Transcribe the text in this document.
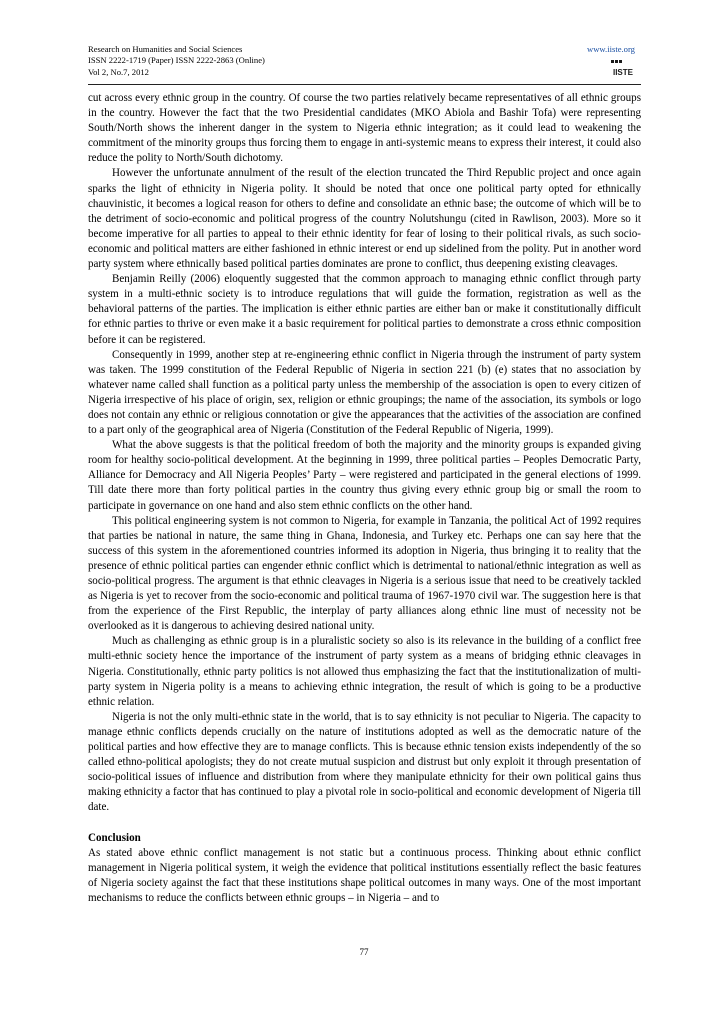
Research on Humanities and Social Sciences
ISSN 2222-1719 (Paper) ISSN 2222-2863 (Online)
Vol 2, No.7, 2012
www.iiste.org
IISTE

cut across every ethnic group in the country. Of course the two parties relatively became representatives of all ethnic groups in the country. However the fact that the two Presidential candidates (MKO Abiola and Bashir Tofa) were representing South/North shows the inherent danger in the system to Nigeria ethnic integration; as it could lead to weakening the commitment of the minority groups thus forcing them to engage in anti-systemic means to express their interest, it could also reduce the polity to North/South dichotomy.

However the unfortunate annulment of the result of the election truncated the Third Republic project and once again sparks the light of ethnicity in Nigeria polity. It should be noted that once one political party opted for ethnically chauvinistic, it becomes a logical reason for others to define and consolidate an ethnic base; the outcome of which will be to the detriment of socio-economic and political progress of the country Nolutshungu (cited in Rawlison, 2003). More so it become imperative for all parties to appeal to their ethnic identity for fear of losing to their political rivals, as such socio-economic and political matters are either fashioned in ethnic interest or end up sidelined from the polity. Put in another word party system where ethnically based political parties dominates are prone to conflict, thus deepening existing cleavages.

Benjamin Reilly (2006) eloquently suggested that the common approach to managing ethnic conflict through party system in a multi-ethnic society is to introduce regulations that will guide the formation, registration as well as the behavioral patterns of the parties. The implication is either ethnic parties are either ban or make it constitutionally difficult for ethnic parties to thrive or even make it a basic requirement for political parties to demonstrate a cross ethnic composition before it can be registered.

Consequently in 1999, another step at re-engineering ethnic conflict in Nigeria through the instrument of party system was taken. The 1999 constitution of the Federal Republic of Nigeria in section 221 (b) (e) states that no association by whatever name called shall function as a political party unless the membership of the association is open to every citizen of Nigeria irrespective of his place of origin, sex, religion or ethnic groupings; the name of the association, its symbols or logo does not contain any ethnic or religious connotation or give the appearances that the activities of the association are confined to a part only of the geographical area of Nigeria (Constitution of the Federal Republic of Nigeria, 1999).

What the above suggests is that the political freedom of both the majority and the minority groups is expanded giving room for healthy socio-political development. At the beginning in 1999, three political parties – Peoples Democratic Party, Alliance for Democracy and All Nigeria Peoples’ Party – were registered and participated in the general elections of 1999. Till date there more than forty political parties in the country thus giving every ethnic group big or small the room to participate in governance on one hand and also stem ethnic conflicts on the other hand.

This political engineering system is not common to Nigeria, for example in Tanzania, the political Act of 1992 requires that parties be national in nature, the same thing in Ghana, Indonesia, and Turkey etc. Perhaps one can say here that the success of this system in the aforementioned countries informed its adoption in Nigeria, thus bringing it to reality that the presence of ethnic political parties can engender ethnic conflict which is detrimental to national/ethnic integration as well as socio-political progress. The argument is that ethnic cleavages in Nigeria is a serious issue that need to be creatively tackled as Nigeria is yet to recover from the socio-economic and political trauma of 1967-1970 civil war. The suggestion here is that from the experience of the First Republic, the interplay of party alliances along ethnic line must of necessity not be overlooked as it is dangerous to achieving desired national unity.

Much as challenging as ethnic group is in a pluralistic society so also is its relevance in the building of a conflict free multi-ethnic society hence the importance of the instrument of party system as a means of bridging ethnic cleavages in Nigeria. Constitutionally, ethnic party politics is not allowed thus emphasizing the fact that the institutionalization of multi-party system in Nigeria polity is a means to achieving ethnic integration, the result of which is going to be a productive ethnic relation.

Nigeria is not the only multi-ethnic state in the world, that is to say ethnicity is not peculiar to Nigeria. The capacity to manage ethnic conflicts depends crucially on the nature of institutions adopted as well as the democratic nature of the political parties and how effective they are to manage conflicts. This is because ethnic tension exists independently of the so called ethno-political apologists; they do not create mutual suspicion and distrust but only exploit it through presentation of socio-political issues of influence and distribution from where they manipulate ethnicity for their own political gains thus making ethnicity a factor that has continued to play a pivotal role in socio-political and economic development of Nigeria till date.

Conclusion

As stated above ethnic conflict management is not static but a continuous process. Thinking about ethnic conflict management in Nigeria political system, it weigh the evidence that political institutions essentially reflect the basic features of Nigeria society against the fact that these institutions shape political outcomes in many ways. One of the most important mechanisms to reduce the conflicts between ethnic groups – in Nigeria – and to

77
